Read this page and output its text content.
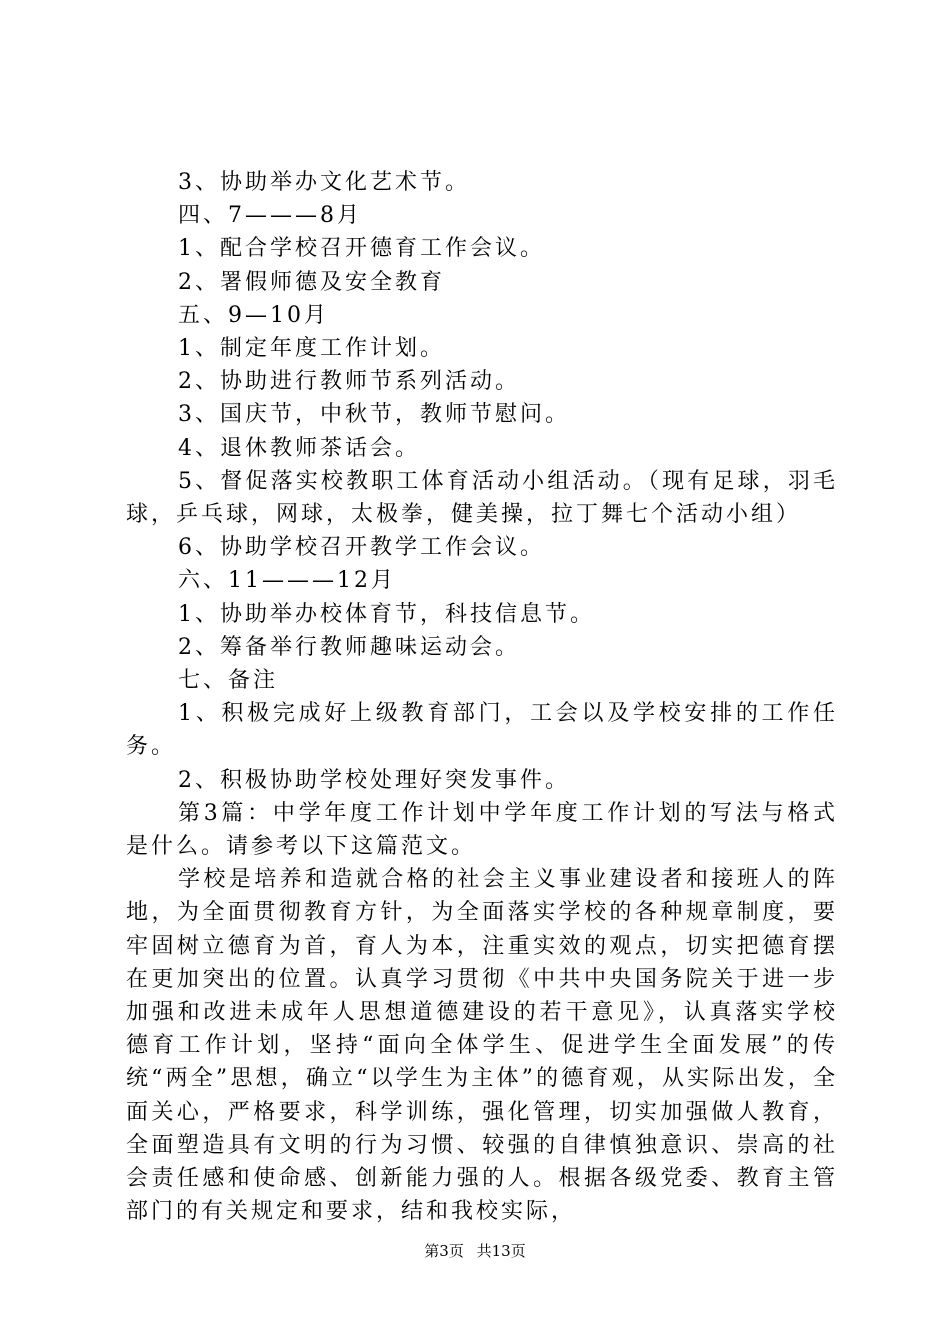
3、协助举办文化艺术节。

四、7———8月

1、配合学校召开德育工作会议。

2、署假师德及安全教育

五、9—10月

1、制定年度工作计划。

2、协助进行教师节系列活动。

3、国庆节，中秋节，教师节慰问。

4、退休教师茶话会。

5、督促落实校教职工体育活动小组活动。（现有足球，羽毛球，乒乓球，网球，太极拳，健美操，拉丁舞七个活动小组）

6、协助学校召开教学工作会议。

六、11———12月

1、协助举办校体育节，科技信息节。

2、筹备举行教师趣味运动会。

七、备注

1、积极完成好上级教育部门，工会以及学校安排的工作任务。

2、积极协助学校处理好突发事件。

第3篇：中学年度工作计划中学年度工作计划的写法与格式是什么。请参考以下这篇范文。

学校是培养和造就合格的社会主义事业建设者和接班人的阵地，为全面贯彻教育方针，为全面落实学校的各种规章制度，要牢固树立德育为首，育人为本，注重实效的观点，切实把德育摆在更加突出的位置。认真学习贯彻《中共中央国务院关于进一步加强和改进未成年人思想道德建设的若干意见》，认真落实学校德育工作计划，坚持“面向全体学生、促进学生全面发展”的传统“两全”思想，确立“以学生为主体”的德育观，从实际出发，全面关心，严格要求，科学训练，强化管理，切实加强做人教育，全面塑造具有文明的行为习惯、较强的自律慎独意识、崇高的社会责任感和使命感、创新能力强的人。根据各级党委、教育主管部门的有关规定和要求，结和我校实际，

第3页 共13页
